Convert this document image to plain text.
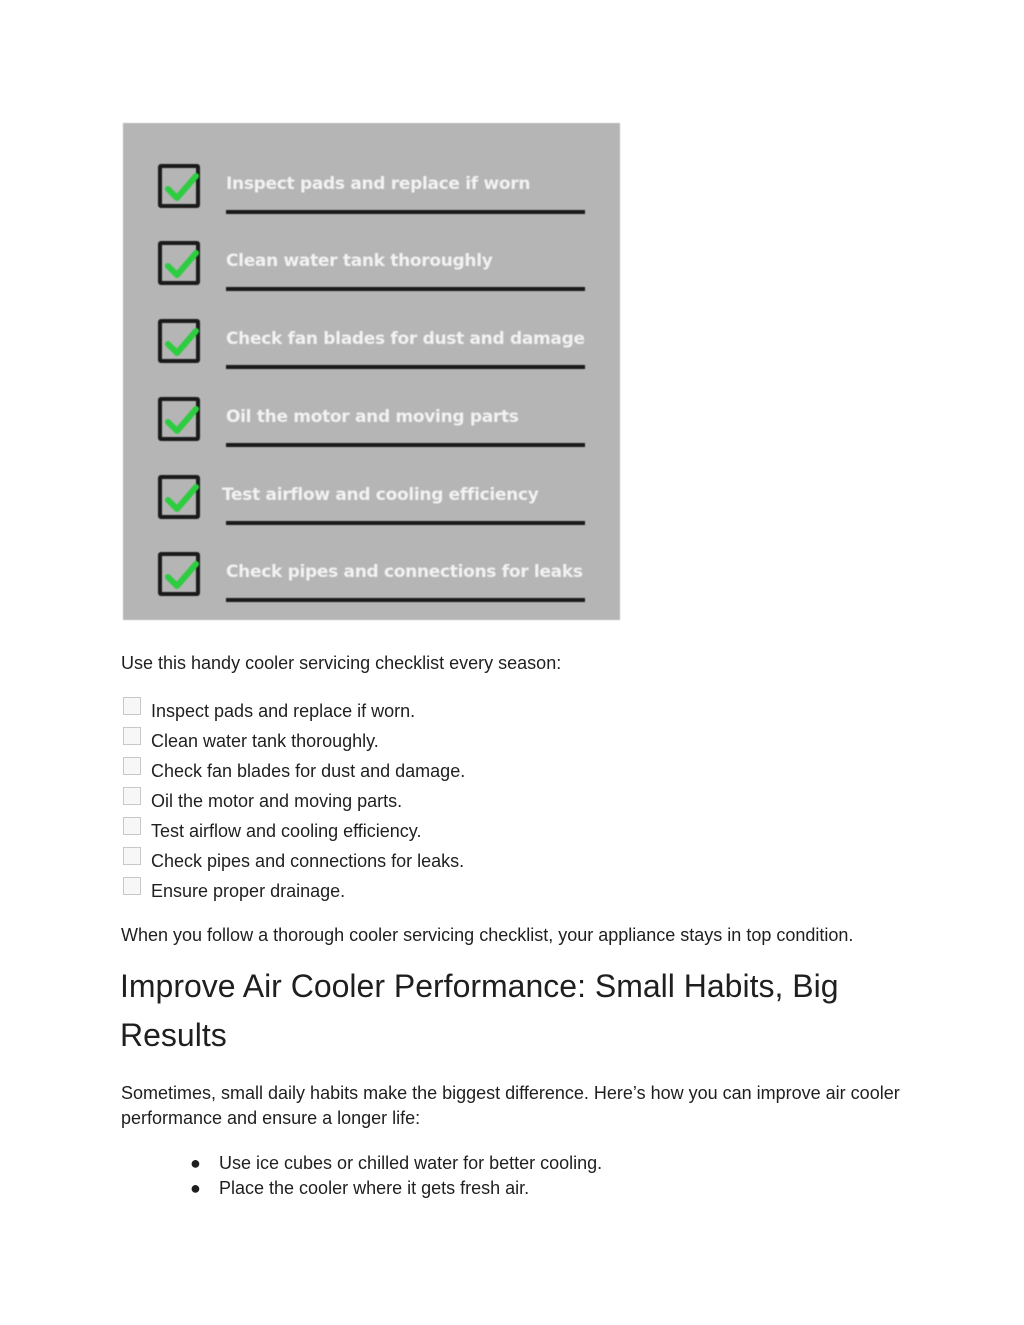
Inspect pads and replace if worn
Clean water tank thoroughly
Check fan blades for dust and damage
Oil the motor and moving parts
Test airflow and cooling efficiency
Check pipes and connections for leaks

Use this handy cooler servicing checklist every season:

Inspect pads and replace if worn.
Clean water tank thoroughly.
Check fan blades for dust and damage.
Oil the motor and moving parts.
Test airflow and cooling efficiency.
Check pipes and connections for leaks.
Ensure proper drainage.

When you follow a thorough cooler servicing checklist, your appliance stays in top condition.

Improve Air Cooler Performance: Small Habits, Big Results

Sometimes, small daily habits make the biggest difference. Here’s how you can improve air cooler performance and ensure a longer life:

● Use ice cubes or chilled water for better cooling.
● Place the cooler where it gets fresh air.
